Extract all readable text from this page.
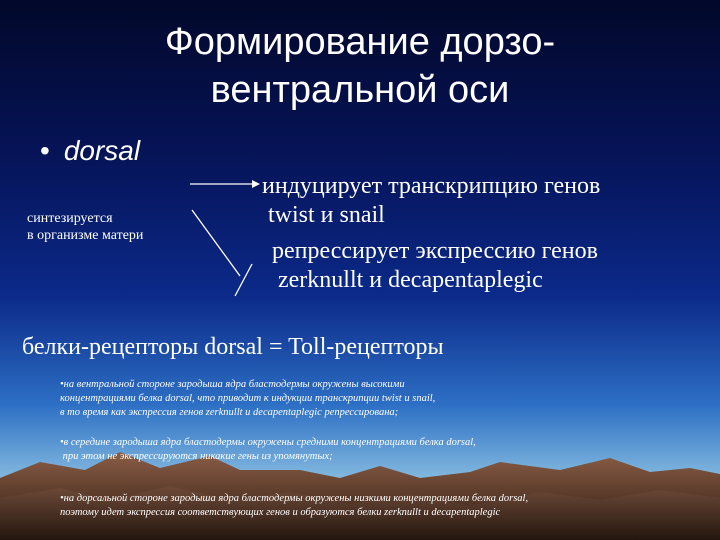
Формирование дорзо-
вентральной оси
• dorsal
синтезируется
в организме матери
индуцирует транскрипцию генов
twist и snail
репрессирует экспрессию генов
zerknullt и decapentaplegic
белки-рецепторы dorsal = Toll-рецепторы
•на вентральной стороне зародыша ядра бластодермы окружены высокими
концентрациями белка dorsal, что приводит к индукции транскрипции twist и snail,
в то время как экспрессия генов zerknullt и decapentaplegic репрессирована;
•в середине зародыша ядра бластодермы окружены средними концентрациями белка dorsal,
при этом не экспрессируются никакие гены из упомянутых;
•на дорсальной стороне зародыша ядра бластодермы окружены низкими концентрациями белка dorsal,
поэтому идет экспрессия соответствующих генов и образуются белки zerknullt и decapentaplegic
